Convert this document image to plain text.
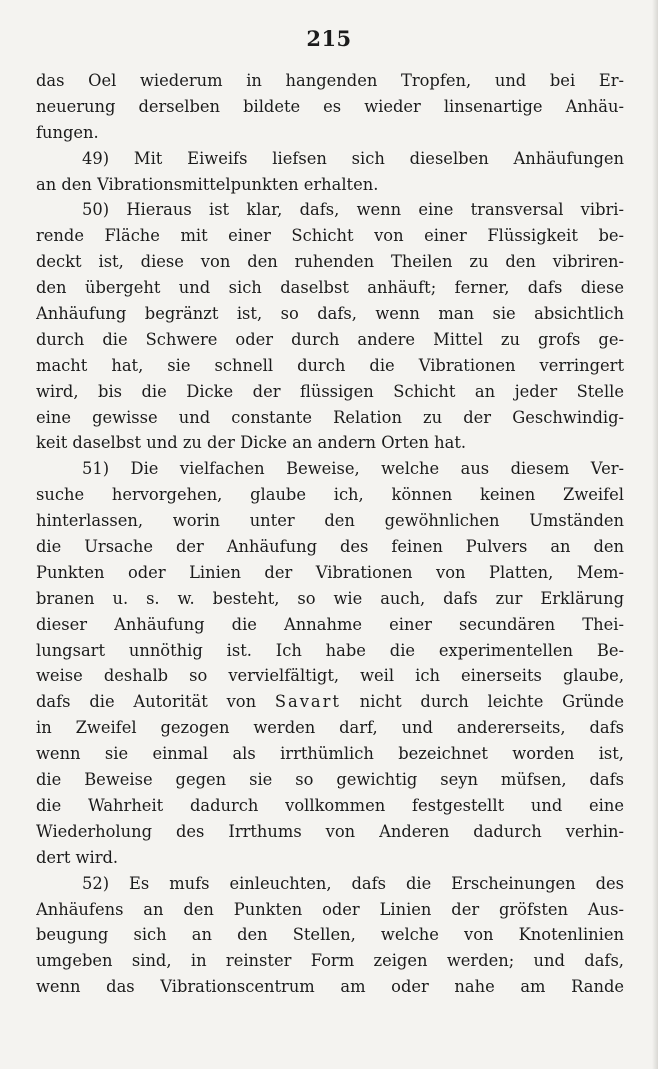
215
das Oel wiederum in hangenden Tropfen, und bei Er-
neuerung derselben bildete es wieder linsenartige Anhäu-
fungen.
49) Mit Eiweifs liefsen sich dieselben Anhäufungen
an den Vibrationsmittelpunkten erhalten.
50) Hieraus ist klar, dafs, wenn eine transversal vibri-
rende Fläche mit einer Schicht von einer Flüssigkeit be-
deckt ist, diese von den ruhenden Theilen zu den vibriren-
den übergeht und sich daselbst anhäuft; ferner, dafs diese
Anhäufung begränzt ist, so dafs, wenn man sie absichtlich
durch die Schwere oder durch andere Mittel zu grofs ge-
macht hat, sie schnell durch die Vibrationen verringert
wird, bis die Dicke der flüssigen Schicht an jeder Stelle
eine gewisse und constante Relation zu der Geschwindig-
keit daselbst und zu der Dicke an andern Orten hat.
51) Die vielfachen Beweise, welche aus diesem Ver-
suche hervorgehen, glaube ich, können keinen Zweifel
hinterlassen, worin unter den gewöhnlichen Umständen
die Ursache der Anhäufung des feinen Pulvers an den
Punkten oder Linien der Vibrationen von Platten, Mem-
branen u. s. w. besteht, so wie auch, dafs zur Erklärung
dieser Anhäufung die Annahme einer secundären Thei-
lungsart unnöthig ist. Ich habe die experimentellen Be-
weise deshalb so vervielfältigt, weil ich einerseits glaube,
dafs die Autorität von Savart nicht durch leichte Gründe
in Zweifel gezogen werden darf, und andererseits, dafs
wenn sie einmal als irrthümlich bezeichnet worden ist,
die Beweise gegen sie so gewichtig seyn müfsen, dafs
die Wahrheit dadurch vollkommen festgestellt und eine
Wiederholung des Irrthums von Anderen dadurch verhin-
dert wird.
52) Es mufs einleuchten, dafs die Erscheinungen des
Anhäufens an den Punkten oder Linien der gröfsten Aus-
beugung sich an den Stellen, welche von Knotenlinien
umgeben sind, in reinster Form zeigen werden; und dafs,
wenn das Vibrationscentrum am oder nahe am Rande
